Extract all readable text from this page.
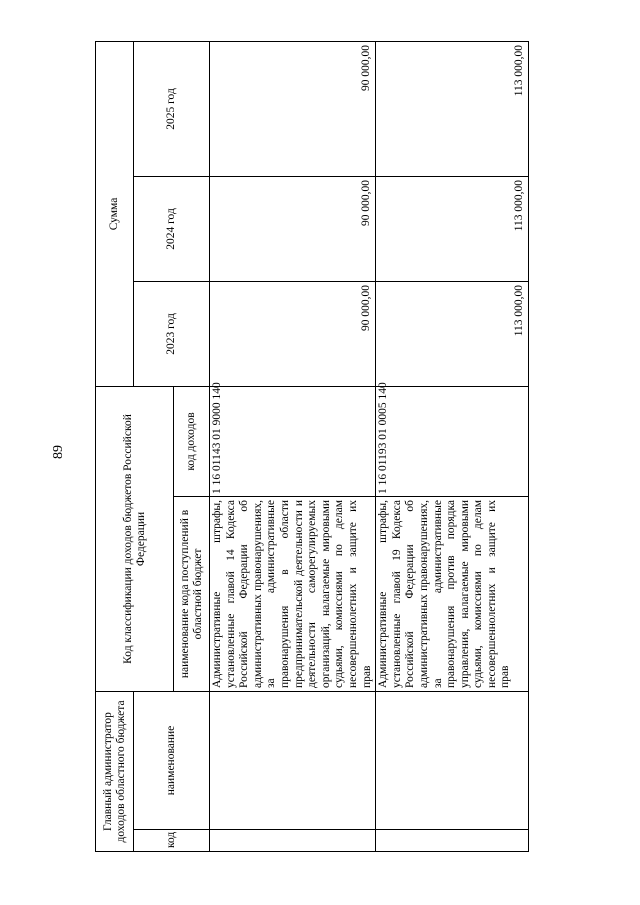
89
Главный администратор доходов областного бюджета		Код классификации доходов бюджетов Российской Федерации		Сумма		
код	наименование			2023 год	2024 год	2025 год
		наименование кода поступлений в областной бюджет	код доходов			

		Административные штрафы, установленные главой 14 Кодекса Российской Федерации об административных правонарушениях, за административные правонарушения в области предпринимательской деятельности и деятельности саморегулируемых организаций, налагаемые мировыми судьями, комиссиями по делам несовершеннолетних и защите их прав	1 16 01143 01 9000 140	90 000,00	90 000,00	90 000,00

		Административные штрафы, установленные главой 19 Кодекса Российской Федерации об административных правонарушениях, за административные правонарушения против порядка управления, налагаемые мировыми судьями, комиссиями по делам несовершеннолетних и защите их прав	1 16 01193 01 0005 140	113 000,00	113 000,00	113 000,00
